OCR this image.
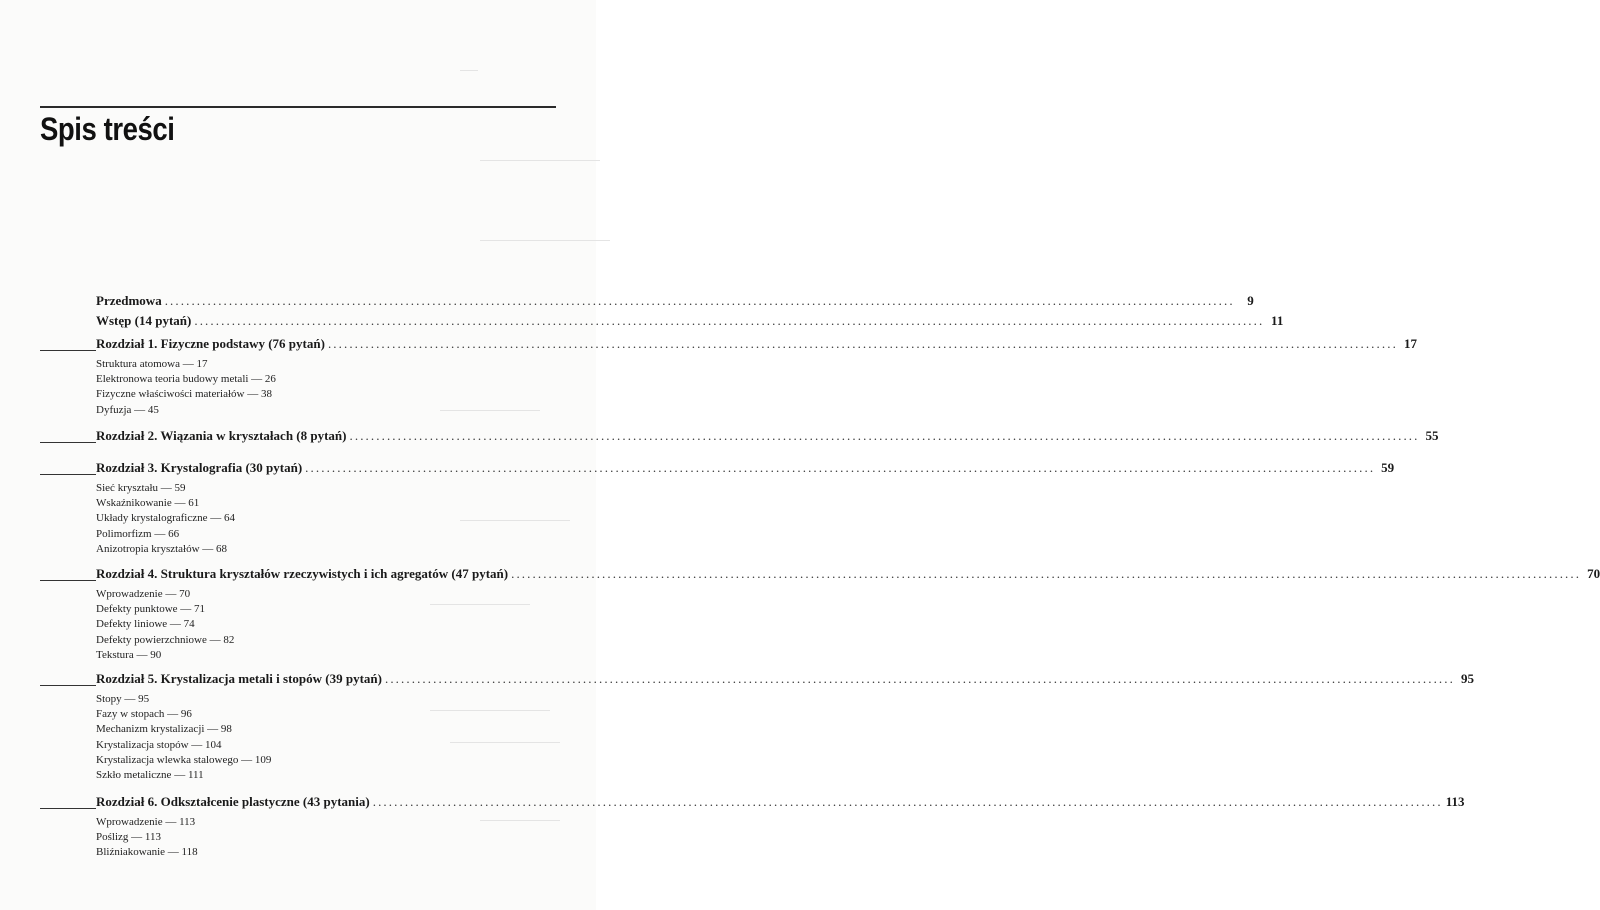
Spis treści
Przedmowa ........................................................................................................................................................................................................ 9
Wstęp (14 pytań) ........................................................................................................................................................................................................ 11
Rozdział 1. Fizyczne podstawy (76 pytań) ........................................................................................................................................................................................................ 17
Struktura atomowa — 17
Elektronowa teoria budowy metali — 26
Fizyczne właściwości materiałów — 38
Dyfuzja — 45
Rozdział 2. Wiązania w kryształach (8 pytań) ........................................................................................................................................................................................................ 55
Rozdział 3. Krystalografia (30 pytań) ........................................................................................................................................................................................................ 59
Sieć kryształu — 59
Wskaźnikowanie — 61
Układy krystalograficzne — 64
Polimorfizm — 66
Anizotropia kryształów — 68
Rozdział 4. Struktura kryształów rzeczywistych i ich agregatów (47 pytań) ........................................................................................................................................................................................................ 70
Wprowadzenie — 70
Defekty punktowe — 71
Defekty liniowe — 74
Defekty powierzchniowe — 82
Tekstura — 90
Rozdział 5. Krystalizacja metali i stopów (39 pytań) ........................................................................................................................................................................................................ 95
Stopy — 95
Fazy w stopach — 96
Mechanizm krystalizacji — 98
Krystalizacja stopów — 104
Krystalizacja wlewka stalowego — 109
Szkło metaliczne — 111
Rozdział 6. Odkształcenie plastyczne (43 pytania) ........................................................................................................................................................................................................ 113
Wprowadzenie — 113
Poślizg — 113
Bliźniakowanie — 118
